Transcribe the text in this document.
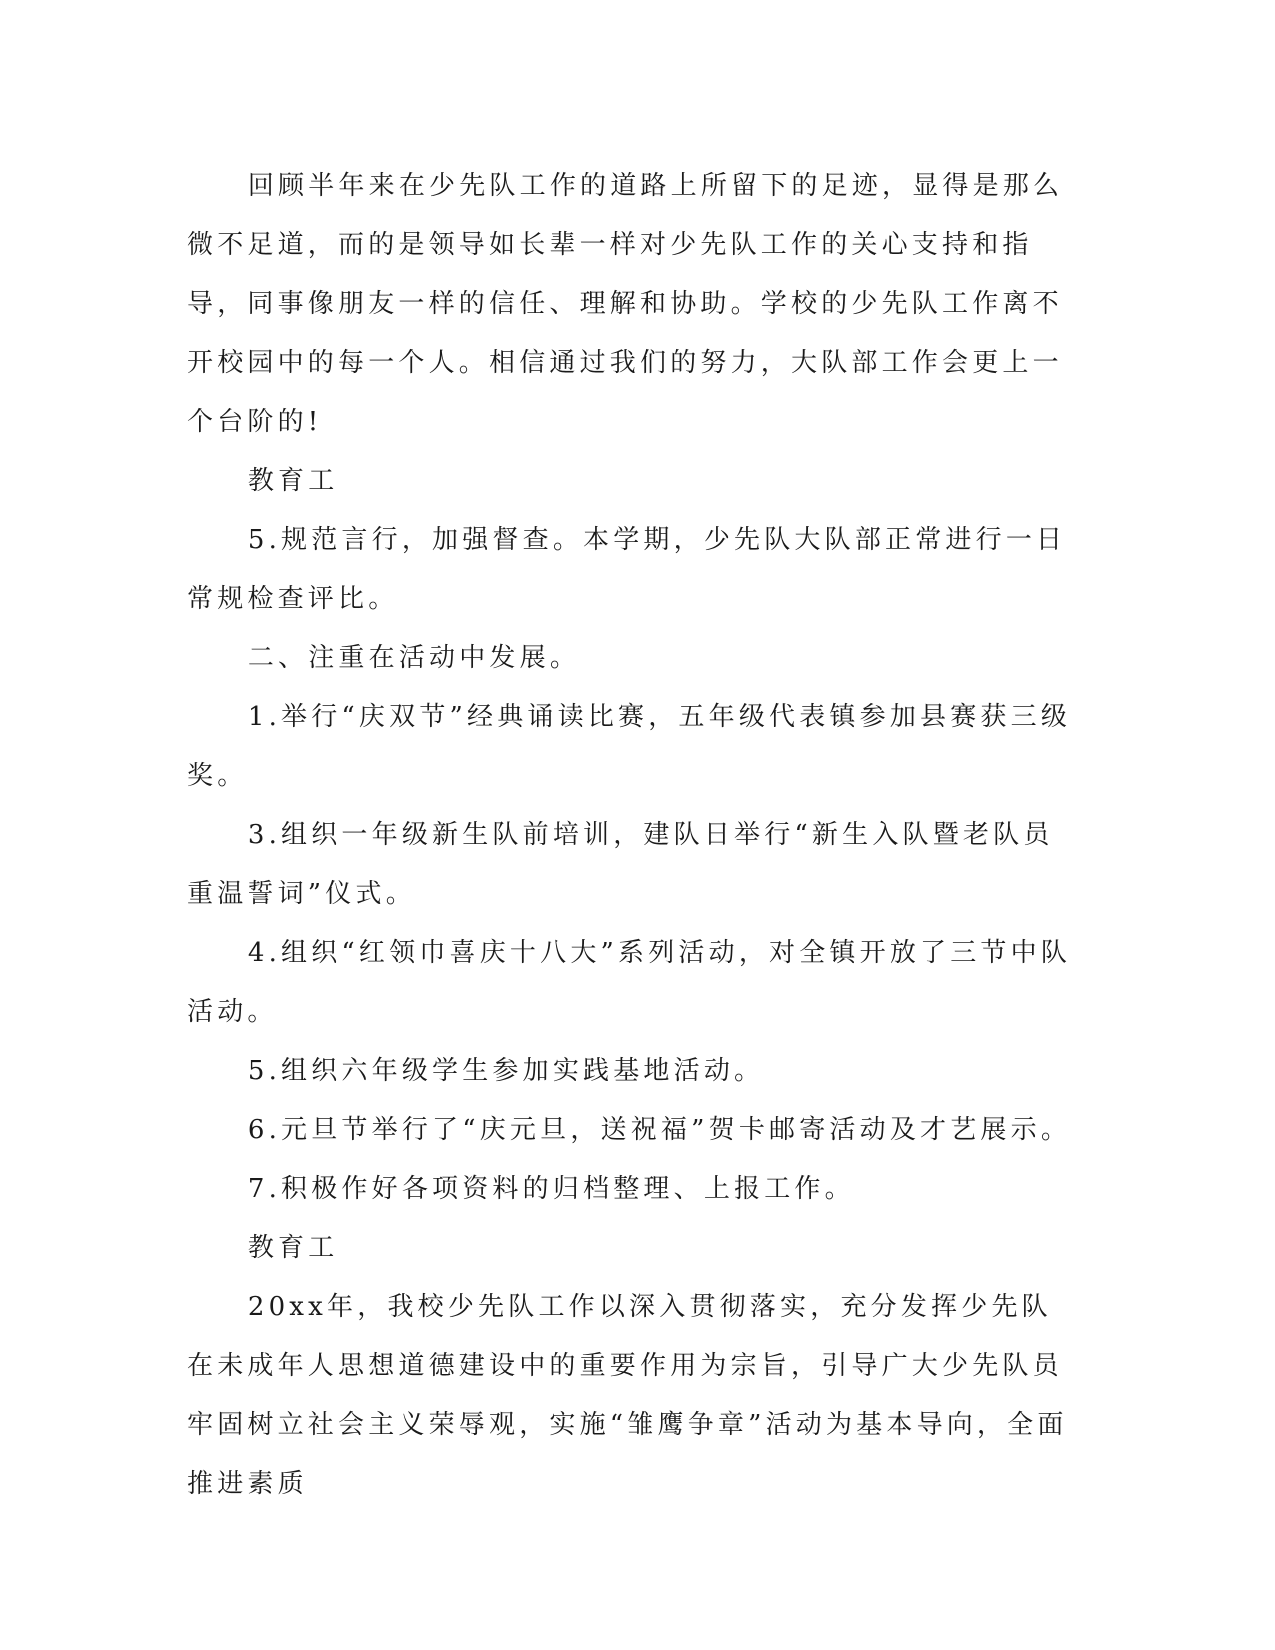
回顾半年来在少先队工作的道路上所留下的足迹，显得是那么微不足道，而的是领导如长辈一样对少先队工作的关心支持和指导，同事像朋友一样的信任、理解和协助。学校的少先队工作离不开校园中的每一个人。相信通过我们的努力，大队部工作会更上一个台阶的!

教育工

5.规范言行，加强督查。本学期，少先队大队部正常进行一日常规检查评比。

二、注重在活动中发展。

1.举行“庆双节”经典诵读比赛，五年级代表镇参加县赛获三级奖。

3.组织一年级新生队前培训，建队日举行“新生入队暨老队员重温誓词”仪式。

4.组织“红领巾喜庆十八大”系列活动，对全镇开放了三节中队活动。

5.组织六年级学生参加实践基地活动。

6.元旦节举行了“庆元旦，送祝福”贺卡邮寄活动及才艺展示。

7.积极作好各项资料的归档整理、上报工作。

教育工

20xx年，我校少先队工作以深入贯彻落实，充分发挥少先队在未成年人思想道德建设中的重要作用为宗旨，引导广大少先队员牢固树立社会主义荣辱观，实施“雏鹰争章”活动为基本导向，全面推进素质
